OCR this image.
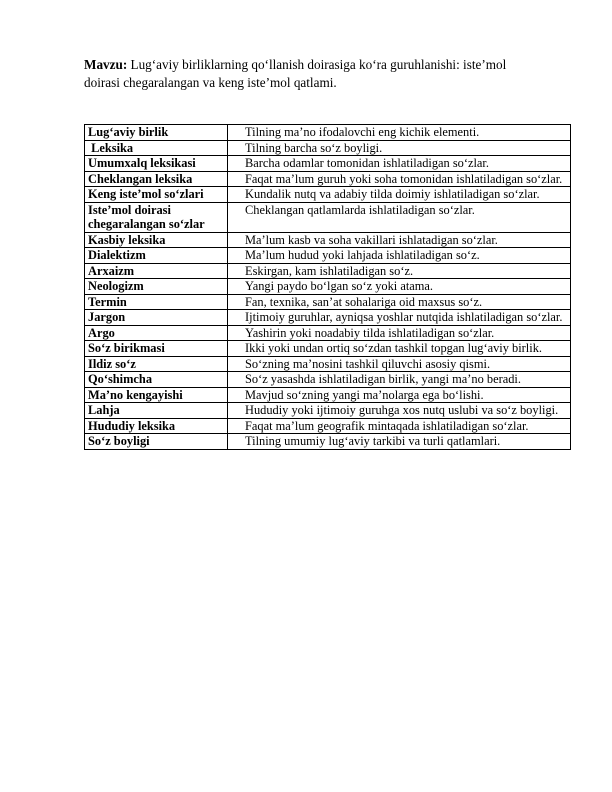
Mavzu: Lug‘aviy birliklarning qo‘llanish doirasiga ko‘ra guruhlanishi: iste’mol doirasi chegaralangan va keng iste’mol qatlami.

Lug‘aviy birlik	Tilning ma’no ifodalovchi eng kichik elementi.
Leksika	Tilning barcha so‘z boyligi.
Umumxalq leksikasi	Barcha odamlar tomonidan ishlatiladigan so‘zlar.
Cheklangan leksika	Faqat ma’lum guruh yoki soha tomonidan ishlatiladigan so‘zlar.
Keng iste’mol so‘zlari	Kundalik nutq va adabiy tilda doimiy ishlatiladigan so‘zlar.
Iste’mol doirasi chegaralangan so‘zlar	Cheklangan qatlamlarda ishlatiladigan so‘zlar.
Kasbiy leksika	Ma’lum kasb va soha vakillari ishlatadigan so‘zlar.
Dialektizm	Ma’lum hudud yoki lahjada ishlatiladigan so‘z.
Arxaizm	Eskirgan, kam ishlatiladigan so‘z.
Neologizm	Yangi paydo bo‘lgan so‘z yoki atama.
Termin	Fan, texnika, san’at sohalariga oid maxsus so‘z.
Jargon	Ijtimoiy guruhlar, ayniqsa yoshlar nutqida ishlatiladigan so‘zlar.
Argo	Yashirin yoki noadabiy tilda ishlatiladigan so‘zlar.
So‘z birikmasi	Ikki yoki undan ortiq so‘zdan tashkil topgan lug‘aviy birlik.
Ildiz so‘z	So‘zning ma’nosini tashkil qiluvchi asosiy qismi.
Qo‘shimcha	So‘z yasashda ishlatiladigan birlik, yangi ma’no beradi.
Ma’no kengayishi	Mavjud so‘zning yangi ma’nolarga ega bo‘lishi.
Lahja	Hududiy yoki ijtimoiy guruhga xos nutq uslubi va so‘z boyligi.
Hududiy leksika	Faqat ma’lum geografik mintaqada ishlatiladigan so‘zlar.
So‘z boyligi	Tilning umumiy lug‘aviy tarkibi va turli qatlamlari.
